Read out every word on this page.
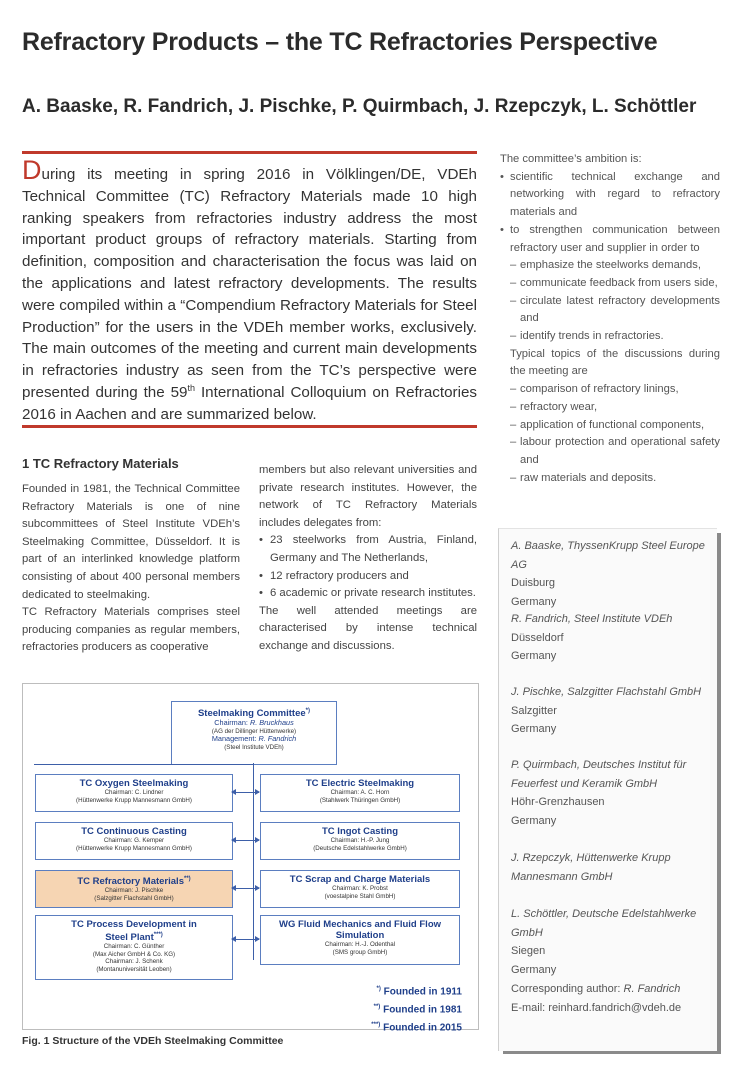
Refractory Products – the TC Refractories Perspective
A. Baaske, R. Fandrich, J. Pischke, P. Quirmbach, J. Rzepczyk, L. Schöttler
During its meeting in spring 2016 in Völklingen/DE, VDEh Technical Committee (TC) Refractory Materials made 10 high ranking speakers from refractories industry address the most important product groups of refractory materials. Starting from definition, composition and characterisation the focus was laid on the applications and latest refractory developments. The results were compiled within a “Compendium Refractory Materials for Steel Production” for the users in the VDEh member works, exclusively. The main outcomes of the meeting and current main developments in refractories industry as seen from the TC’s perspective were presented during the 59th International Colloquium on Refractories 2016 in Aachen and are summarized below.
1 TC Refractory Materials

Founded in 1981, the Technical Committee Refractory Materials is one of nine subcommittees of Steel Institute VDEh’s Steelmaking Committee, Düsseldorf. It is part of an interlinked knowledge platform consisting of about 400 personal members dedicated to steelmaking.

TC Refractory Materials comprises steel producing companies as regular members, refractories producers as cooperative

members but also relevant universities and private research institutes. However, the network of TC Refractory Materials includes delegates from:

• 23 steelworks from Austria, Finland, Germany and The Netherlands,
• 12 refractory producers and
• 6 academic or private research institutes.

The well attended meetings are characterised by intense technical exchange and discussions.

The committee’s ambition is:
• scientific technical exchange and networking with regard to refractory materials and
• to strengthen communication between refractory user and supplier in order to
– emphasize the steelworks demands,
– communicate feedback from users side,
– circulate latest refractory developments and
– identify trends in refractories.
Typical topics of the discussions during the meeting are
– comparison of refractory linings,
– refractory wear,
– application of functional components,
– labour protection and operational safety and
– raw materials and deposits.
A. Baaske, ThyssenKrupp Steel Europe AG
Duisburg
Germany
R. Fandrich, Steel Institute VDEh
Düsseldorf
Germany
J. Pischke, Salzgitter Flachstahl GmbH
Salzgitter
Germany
P. Quirmbach, Deutsches Institut für
Feuerfest und Keramik GmbH
Höhr-Grenzhausen
Germany
J. Rzepczyk, Hüttenwerke Krupp
Mannesmann GmbH
L. Schöttler, Deutsche Edelstahlwerke GmbH
Siegen
Germany
Corresponding author: R. Fandrich
E-mail: reinhard.fandrich@vdeh.de
Steelmaking Committee*)
Chairman: R. Bruckhaus
(AG der Dillinger Hüttenwerke)
Management: R. Fandrich
(Steel Institute VDEh)
TC Oxygen Steelmaking
Chairman: C. Lindner
(Hüttenwerke Krupp Mannesmann GmbH)
TC Continuous Casting
Chairman: G. Kemper
(Hüttenwerke Krupp Mannesmann GmbH)
TC Refractory Materials**)
Chairman: J. Pischke
(Salzgitter Flachstahl GmbH)
TC Process Development in Steel Plant***)
Chairman: C. Günther
(Max Aicher GmbH & Co. KG)
Chairman: J. Schenk
(Montanuniversität Leoben)
TC Electric Steelmaking
Chairman: A. C. Horn
(Stahlwerk Thüringen GmbH)
TC Ingot Casting
Chairman: H.-P. Jung
(Deutsche Edelstahlwerke GmbH)
TC Scrap and Charge Materials
Chairman: K. Probst
(voestalpine Stahl GmbH)
WG Fluid Mechanics and Fluid Flow Simulation
Chairman: H.-J. Odenthal
(SMS group GmbH)
*) Founded in 1911
**) Founded in 1981
***) Founded in 2015
Fig. 1 Structure of the VDEh Steelmaking Committee
